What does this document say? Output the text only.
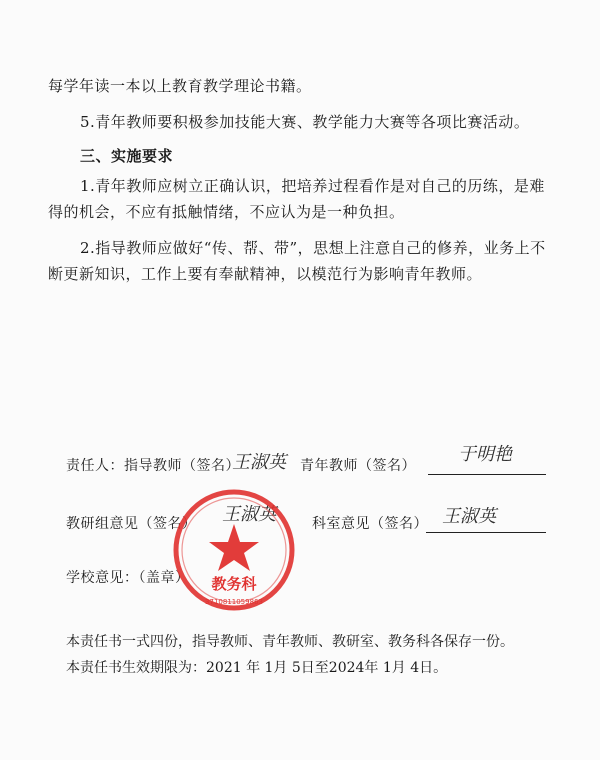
每学年读一本以上教育教学理论书籍。
5.青年教师要积极参加技能大赛、教学能力大赛等各项比赛活动。
三、实施要求
1.青年教师应树立正确认识，把培养过程看作是对自己的历练，是难
得的机会，不应有抵触情绪，不应认为是一种负担。
2.指导教师应做好“传、帮、带”，思想上注意自己的修养，业务上不
断更新知识，工作上要有奉献精神，以模范行为影响青年教师。
责任人：指导教师（签名）
王淑英 青年教师（签名）
于明艳
教研组意见（签名） 王淑英	科室意见（签名） 王淑英
学校意见：（盖章） 教务科
3710811059863
本责任书一式四份，指导教师、青年教师、教研室、教务科各保存一份。
本责任书生效期限为：2021 年 1月 5日至2024年 1月 4日。
